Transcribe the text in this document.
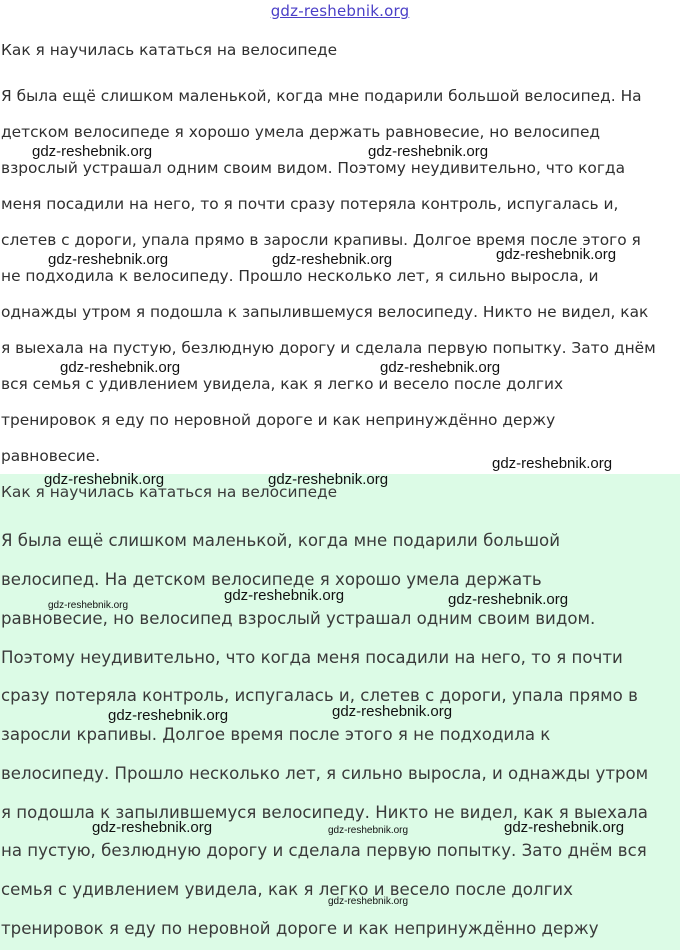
gdz-reshebnik.org
Как я научилась кататься на велосипеде
Я была ещё слишком маленькой, когда мне подарили большой велосипед. На
детском велосипеде я хорошо умела держать равновесие, но велосипед
взрослый устрашал одним своим видом. Поэтому неудивительно, что когда
меня посадили на него, то я почти сразу потеряла контроль, испугалась и,
слетев с дороги, упала прямо в заросли крапивы. Долгое время после этого я
не подходила к велосипеду. Прошло несколько лет, я сильно выросла, и
однажды утром я подошла к запылившемуся велосипеду. Никто не видел, как
я выехала на пустую, безлюдную дорогу и сделала первую попытку. Зато днём
вся семья с удивлением увидела, как я легко и весело после долгих
тренировок я еду по неровной дороге и как непринуждённо держу
равновесие.
Как я научилась кататься на велосипеде
Я была ещё слишком маленькой, когда мне подарили большой
велосипед. На детском велосипеде я хорошо умела держать
равновесие, но велосипед взрослый устрашал одним своим видом.
Поэтому неудивительно, что когда меня посадили на него, то я почти
сразу потеряла контроль, испугалась и, слетев с дороги, упала прямо в
заросли крапивы. Долгое время после этого я не подходила к
велосипеду. Прошло несколько лет, я сильно выросла, и однажды утром
я подошла к запылившемуся велосипеду. Никто не видел, как я выехала
на пустую, безлюдную дорогу и сделала первую попытку. Зато днём вся
семья с удивлением увидела, как я легко и весело после долгих
тренировок я еду по неровной дороге и как непринуждённо держу
gdz-reshebnik.org	gdz-reshebnik.org
gdz-reshebnik.org	gdz-reshebnik.org	gdz-reshebnik.org
gdz-reshebnik.org	gdz-reshebnik.org
gdz-reshebnik.org
gdz-reshebnik.org	gdz-reshebnik.org
gdz-reshebnik.org
gdz-reshebnik.org	gdz-reshebnik.org
gdz-reshebnik.org	gdz-reshebnik.org
gdz-reshebnik.org	gdz-reshebnik.org	gdz-reshebnik.org
gdz-reshebnik.org
